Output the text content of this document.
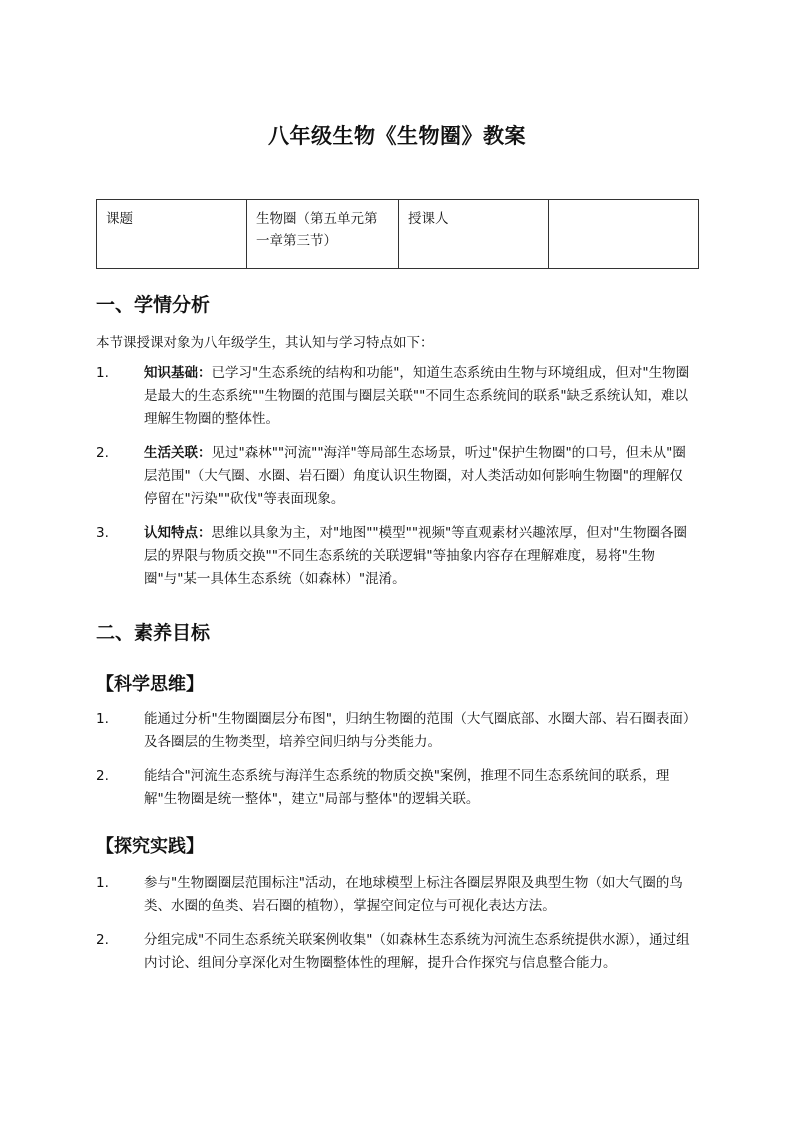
八年级生物《生物圈》教案
课题	生物圈（第五单元第一章第三节）	授课人	
一、学情分析
本节课授课对象为八年级学生，其认知与学习特点如下：
1.	知识基础：已学习"生态系统的结构和功能"，知道生态系统由生物与环境组成，但对"生物圈是最大的生态系统""生物圈的范围与圈层关联""不同生态系统间的联系"缺乏系统认知，难以理解生物圈的整体性。
2.	生活关联：见过"森林""河流""海洋"等局部生态场景，听过"保护生物圈"的口号，但未从"圈层范围"（大气圈、水圈、岩石圈）角度认识生物圈，对人类活动如何影响生物圈"的理解仅停留在"污染""砍伐"等表面现象。
3.	认知特点：思维以具象为主，对"地图""模型""视频"等直观素材兴趣浓厚，但对"生物圈各圈层的界限与物质交换""不同生态系统的关联逻辑"等抽象内容存在理解难度，易将"生物圈"与"某一具体生态系统（如森林）"混淆。
二、素养目标
【科学思维】
1.	能通过分析"生物圈圈层分布图"，归纳生物圈的范围（大气圈底部、水圈大部、岩石圈表面）及各圈层的生物类型，培养空间归纳与分类能力。
2.	能结合"河流生态系统与海洋生态系统的物质交换"案例，推理不同生态系统间的联系，理解"生物圈是统一整体"，建立"局部与整体"的逻辑关联。
【探究实践】
1.	参与"生物圈圈层范围标注"活动，在地球模型上标注各圈层界限及典型生物（如大气圈的鸟类、水圈的鱼类、岩石圈的植物），掌握空间定位与可视化表达方法。
2.	分组完成"不同生态系统关联案例收集"（如森林生态系统为河流生态系统提供水源），通过组内讨论、组间分享深化对生物圈整体性的理解，提升合作探究与信息整合能力。
